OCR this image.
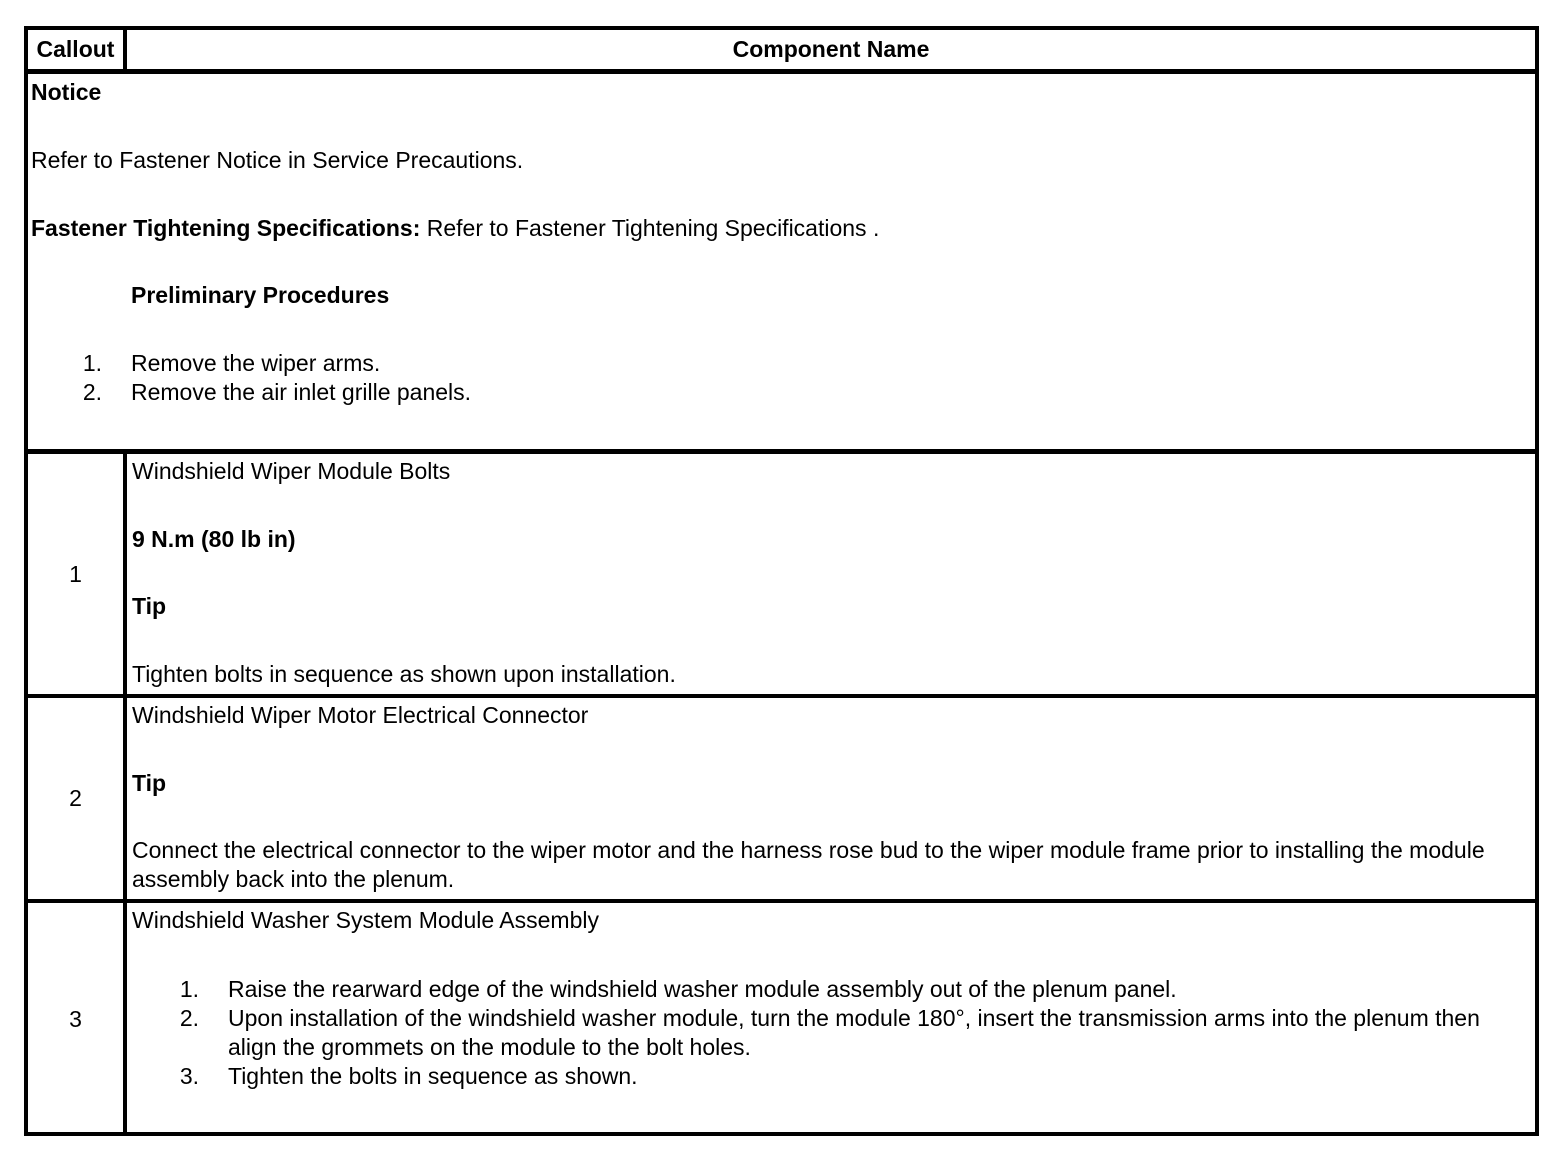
Callout	Component Name
Notice
Refer to Fastener Notice in Service Precautions.
Fastener Tightening Specifications: Refer to Fastener Tightening Specifications .
Preliminary Procedures
1. Remove the wiper arms.
2. Remove the air inlet grille panels.
1
Windshield Wiper Module Bolts
9 N.m (80 lb in)
Tip
Tighten bolts in sequence as shown upon installation.
2
Windshield Wiper Motor Electrical Connector
Tip
Connect the electrical connector to the wiper motor and the harness rose bud to the wiper module frame prior to installing the module assembly back into the plenum.
3
Windshield Washer System Module Assembly
1. Raise the rearward edge of the windshield washer module assembly out of the plenum panel.
2. Upon installation of the windshield washer module, turn the module 180°, insert the transmission arms into the plenum then align the grommets on the module to the bolt holes.
3. Tighten the bolts in sequence as shown.
